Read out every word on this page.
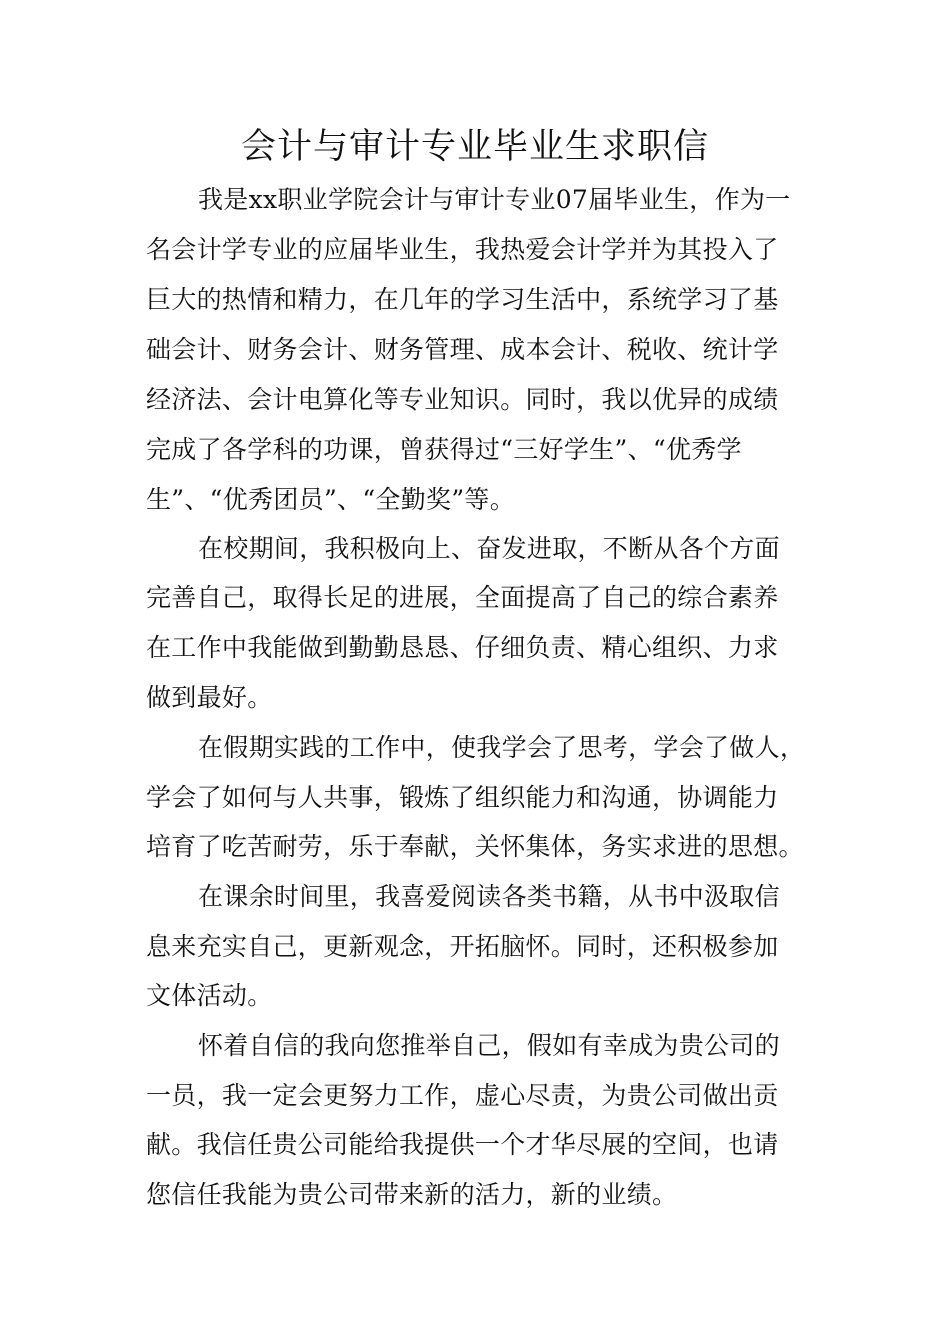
会计与审计专业毕业生求职信
我是xx职业学院会计与审计专业07届毕业生，作为一
名会计学专业的应届毕业生，我热爱会计学并为其投入了
巨大的热情和精力，在几年的学习生活中，系统学习了基
础会计、财务会计、财务管理、成本会计、税收、统计学
经济法、会计电算化等专业知识。同时，我以优异的成绩
完成了各学科的功课，曾获得过“三好学生”、“优秀学
生”、“优秀团员”、“全勤奖”等。
在校期间，我积极向上、奋发进取，不断从各个方面
完善自己，取得长足的进展，全面提高了自己的综合素养
在工作中我能做到勤勤恳恳、仔细负责、精心组织、力求
做到最好。
在假期实践的工作中，使我学会了思考，学会了做人，
学会了如何与人共事，锻炼了组织能力和沟通，协调能力
培育了吃苦耐劳，乐于奉献，关怀集体，务实求进的思想。
在课余时间里，我喜爱阅读各类书籍，从书中汲取信
息来充实自己，更新观念，开拓脑怀。同时，还积极参加
文体活动。
怀着自信的我向您推举自己，假如有幸成为贵公司的
一员，我一定会更努力工作，虚心尽责，为贵公司做出贡
献。我信任贵公司能给我提供一个才华尽展的空间，也请
您信任我能为贵公司带来新的活力，新的业绩。
